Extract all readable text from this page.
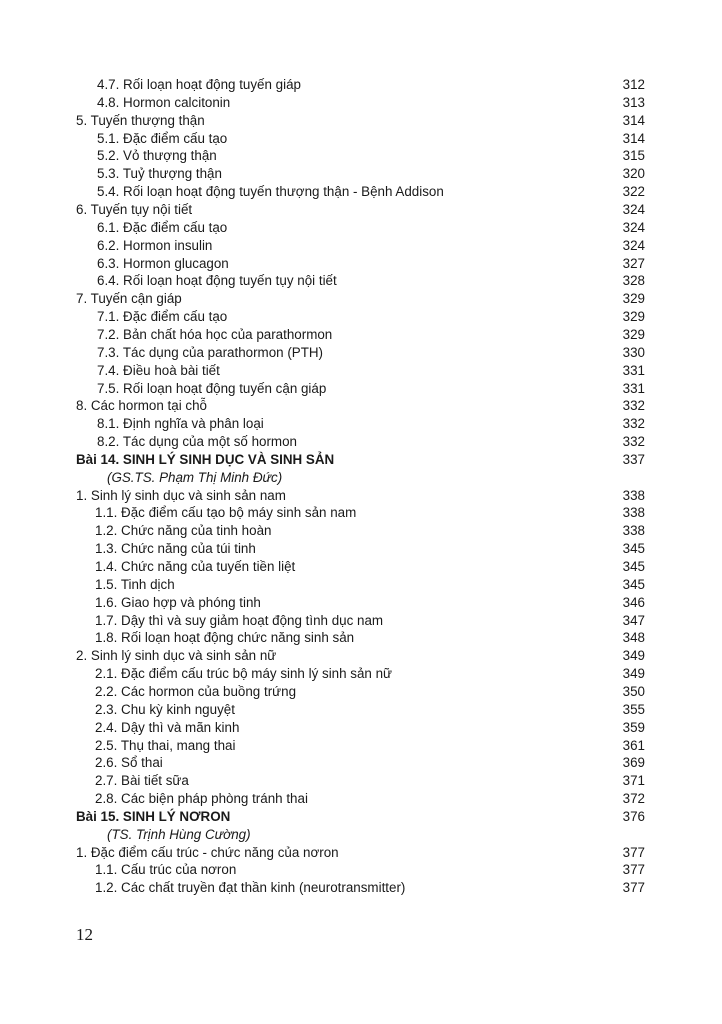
4.7. Rối loạn hoạt động tuyến giáp	312
4.8. Hormon calcitonin	313
5. Tuyến thượng thận	314
5.1. Đặc điểm cấu tạo	314
5.2. Vỏ thượng thận	315
5.3. Tuỷ thượng thận	320
5.4. Rối loạn hoạt động tuyến thượng thận - Bệnh Addison	322
6. Tuyến tụy nội tiết	324
6.1. Đặc điểm cấu tạo	324
6.2. Hormon insulin	324
6.3. Hormon glucagon	327
6.4. Rối loạn hoạt động tuyến tụy nội tiết	328
7. Tuyến cận giáp	329
7.1. Đặc điểm cấu tạo	329
7.2. Bản chất hóa học của parathormon	329
7.3. Tác dụng của parathormon (PTH)	330
7.4. Điều hoà bài tiết	331
7.5. Rối loạn hoạt động tuyến cận giáp	331
8. Các hormon tại chỗ	332
8.1. Định nghĩa và phân loại	332
8.2. Tác dụng của một số hormon	332
Bài 14. SINH LÝ SINH DỤC VÀ SINH SẢN	337
(GS.TS. Phạm Thị Minh Đức)
1. Sinh lý sinh dục và sinh sản nam	338
1.1. Đặc điểm cấu tạo bộ máy sinh sản nam	338
1.2. Chức năng của tinh hoàn	338
1.3. Chức năng của túi tinh	345
1.4. Chức năng của tuyến tiền liệt	345
1.5. Tinh dịch	345
1.6. Giao hợp và phóng tinh	346
1.7. Dậy thì và suy giảm hoạt động tình dục nam	347
1.8. Rối loạn hoạt động chức năng sinh sản	348
2. Sinh lý sinh dục và sinh sản nữ	349
2.1. Đặc điểm cấu trúc bộ máy sinh lý sinh sản nữ	349
2.2. Các hormon của buồng trứng	350
2.3. Chu kỳ kinh nguyệt	355
2.4. Dậy thì và mãn kinh	359
2.5. Thụ thai, mang thai	361
2.6. Sổ thai	369
2.7. Bài tiết sữa	371
2.8. Các biện pháp phòng tránh thai	372
Bài 15. SINH LÝ NƠRON	376
(TS. Trịnh Hùng Cường)
1. Đặc điểm cấu trúc - chức năng của nơron	377
1.1. Cấu trúc của nơron	377
1.2. Các chất truyền đạt thần kinh (neurotransmitter)	377
12
